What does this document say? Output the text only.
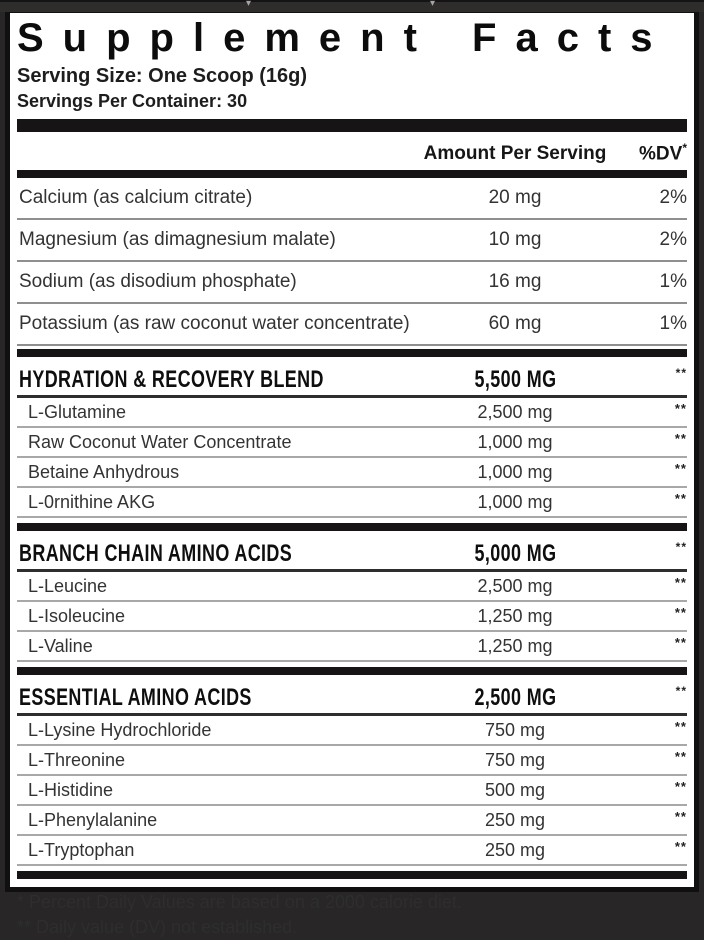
▾	▾
Supplement Facts
Serving Size: One Scoop (16g)
Servings Per Container: 30
Amount Per Serving	%DV*
Calcium (as calcium citrate)	20 mg	2%
Magnesium (as dimagnesium malate)	10 mg	2%
Sodium (as disodium phosphate)	16 mg	1%
Potassium (as raw coconut water concentrate)	60 mg	1%
HYDRATION & RECOVERY BLEND	5,500 MG	**
L-Glutamine	2,500 mg	**
Raw Coconut Water Concentrate	1,000 mg	**
Betaine Anhydrous	1,000 mg	**
L-0rnithine AKG	1,000 mg	**
BRANCH CHAIN AMINO ACIDS	5,000 MG	**
L-Leucine	2,500 mg	**
L-Isoleucine	1,250 mg	**
L-Valine	1,250 mg	**
ESSENTIAL AMINO ACIDS	2,500 MG	**
L-Lysine Hydrochloride	750 mg	**
L-Threonine	750 mg	**
L-Histidine	500 mg	**
L-Phenylalanine	250 mg	**
L-Tryptophan	250 mg	**
* Percent Daily Values are based on a 2000 calorie diet.
** Daily value (DV) not established.
